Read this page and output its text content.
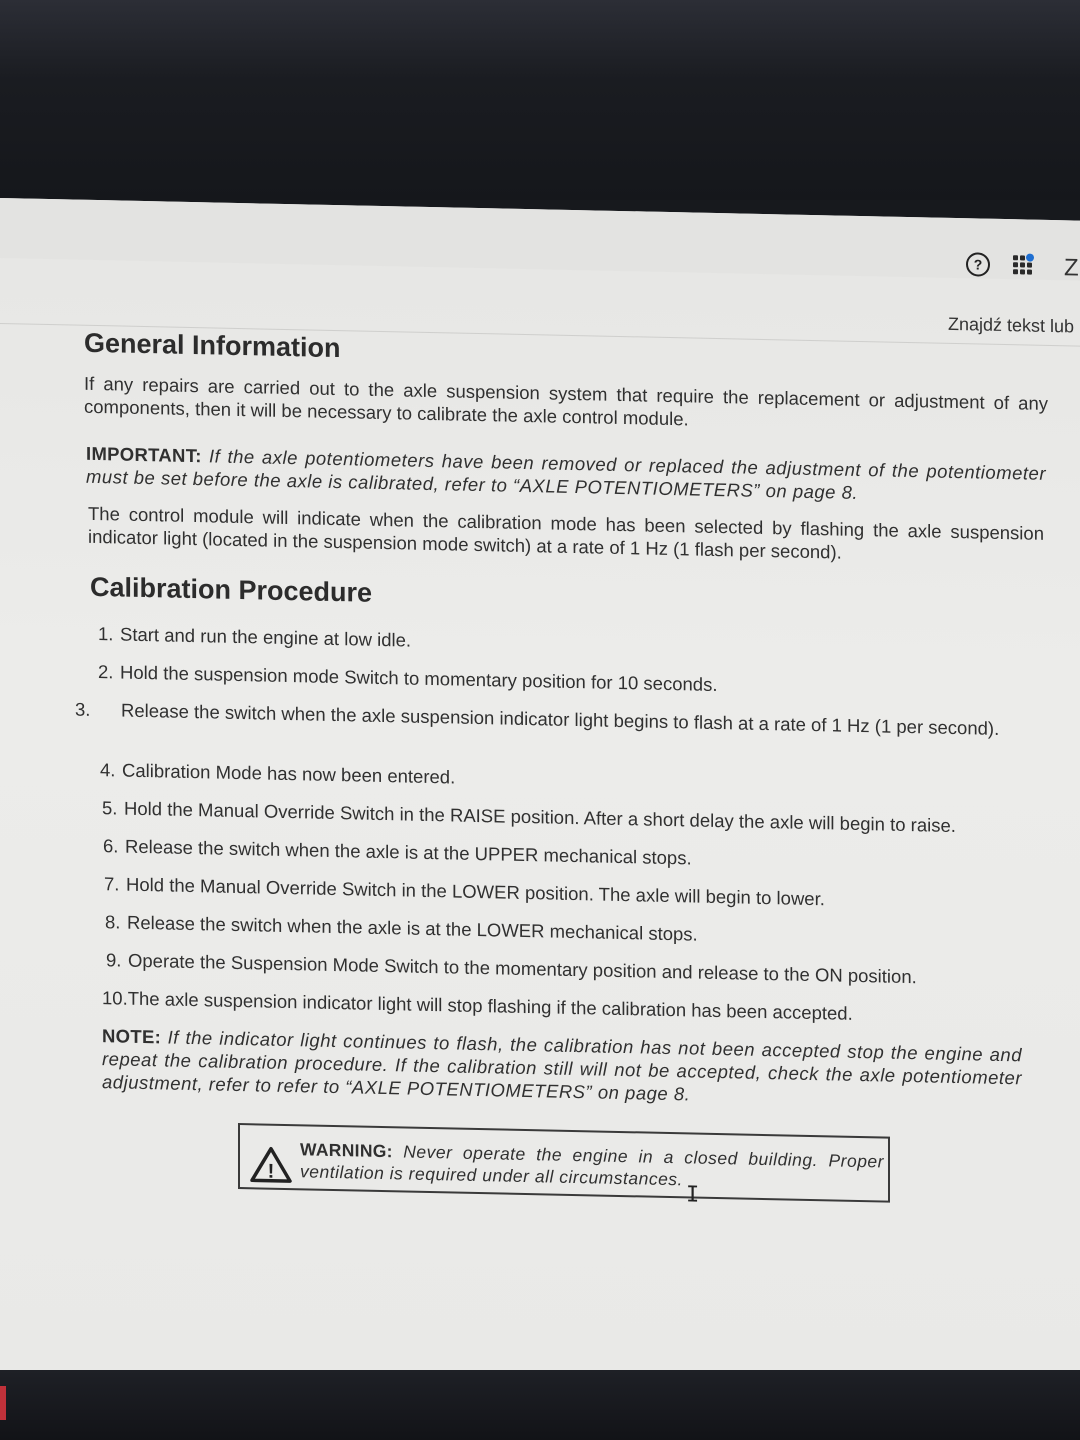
?	Z
Znajdź tekst lub
General Information
If any repairs are carried out to the axle suspension system that require the replacement or adjustment of any components, then it will be necessary to calibrate the axle control module.
IMPORTANT: If the axle potentiometers have been removed or replaced the adjustment of the potentiometer must be set before the axle is calibrated, refer to “AXLE POTENTIOMETERS” on page 8.
The control module will indicate when the calibration mode has been selected by flashing the axle suspension indicator light (located in the suspension mode switch) at a rate of 1 Hz (1 flash per second).
Calibration Procedure
1. Start and run the engine at low idle.
2. Hold the suspension mode Switch to momentary position for 10 seconds.
3. Release the switch when the axle suspension indicator light begins to flash at a rate of 1 Hz (1 per second).
4. Calibration Mode has now been entered.
5. Hold the Manual Override Switch in the RAISE position. After a short delay the axle will begin to raise.
6. Release the switch when the axle is at the UPPER mechanical stops.
7. Hold the Manual Override Switch in the LOWER position. The axle will begin to lower.
8. Release the switch when the axle is at the LOWER mechanical stops.
9. Operate the Suspension Mode Switch to the momentary position and release to the ON position.
10.The axle suspension indicator light will stop flashing if the calibration has been accepted.
NOTE: If the indicator light continues to flash, the calibration has not been accepted stop the engine and repeat the calibration procedure. If the calibration still will not be accepted, check the axle potentiometer adjustment, refer to refer to “AXLE POTENTIOMETERS” on page 8.
!
WARNING: Never operate the engine in a closed building. Proper ventilation is required under all circumstances.
I
